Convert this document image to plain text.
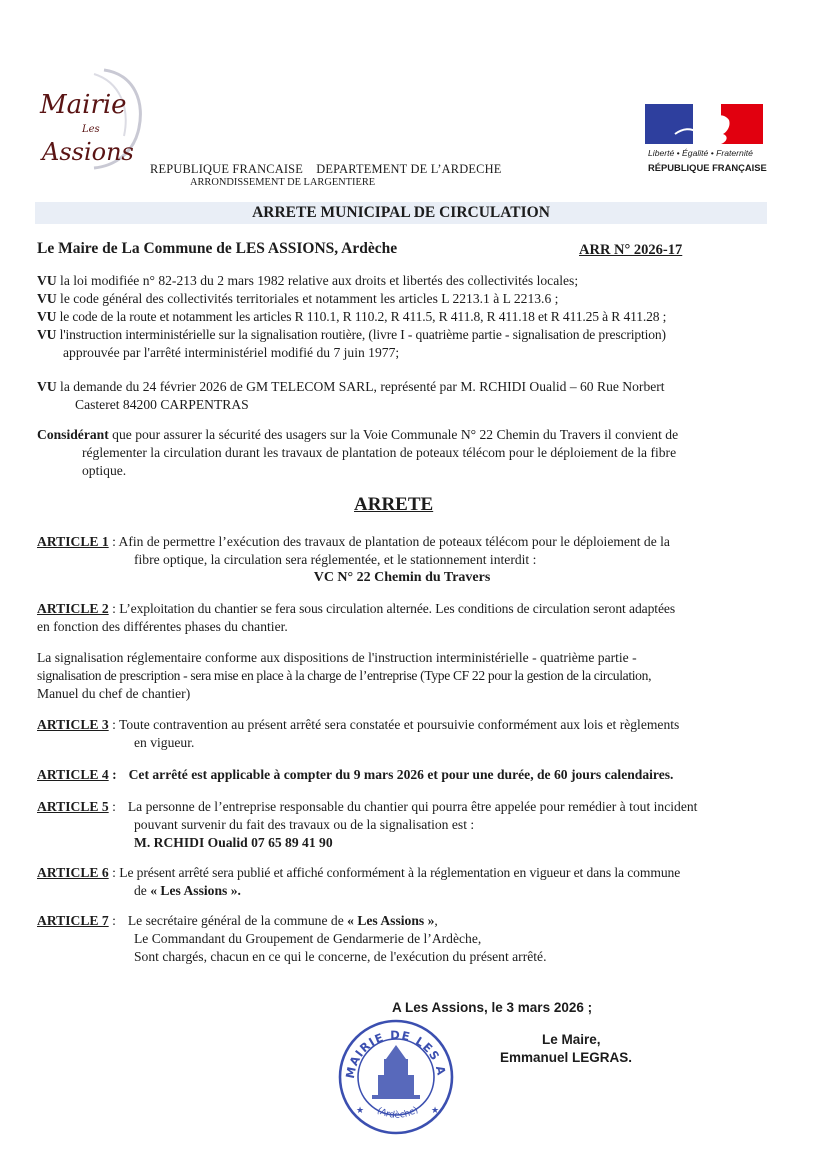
Mairie
Les
Assions
REPUBLIQUE FRANCAISE    DEPARTEMENT DE L’ARDECHE
ARRONDISSEMENT DE LARGENTIERE
Liberté • Égalité • Fraternité
RÉPUBLIQUE FRANÇAISE
ARRETE MUNICIPAL DE CIRCULATION
Le Maire de La Commune de LES ASSIONS, Ardèche	ARR N° 2026-17
VU la loi modifiée n° 82-213 du 2 mars 1982 relative aux droits et libertés des collectivités locales;
VU le code général des collectivités territoriales et notamment les articles L 2213.1 à L 2213.6 ;
VU le code de la route et notamment les articles R 110.1, R 110.2, R 411.5, R 411.8, R 411.18 et R 411.25 à R 411.28 ;
VU l'instruction interministérielle sur la signalisation routière, (livre I - quatrième partie - signalisation de prescription)
approuvée par l'arrêté interministériel modifié du 7 juin 1977;
VU la demande du 24 février 2026 de GM TELECOM SARL, représenté par M. RCHIDI Oualid – 60 Rue Norbert
Casteret 84200 CARPENTRAS
Considérant que pour assurer la sécurité des usagers sur la Voie Communale N° 22 Chemin du Travers il convient de
réglementer la circulation durant les travaux de plantation de poteaux télécom pour le déploiement de la fibre
optique.
ARRETE
ARTICLE 1 : Afin de permettre l’exécution des travaux de plantation de poteaux télécom pour le déploiement de la
fibre optique, la circulation sera réglementée, et le stationnement interdit :
VC N° 22 Chemin du Travers
ARTICLE 2 : L’exploitation du chantier se fera sous circulation alternée. Les conditions de circulation seront adaptées
en fonction des différentes phases du chantier.
La signalisation réglementaire conforme aux dispositions de l'instruction interministérielle - quatrième partie -
signalisation de prescription - sera mise en place à la charge de l’entreprise (Type CF 22 pour la gestion de la circulation,
Manuel du chef de chantier)
ARTICLE 3 : Toute contravention au présent arrêté sera constatée et poursuivie conformément aux lois et règlements
en vigueur.
ARTICLE 4 : Cet arrêté est applicable à compter du 9 mars 2026 et pour une durée, de 60 jours calendaires.
ARTICLE 5 : La personne de l’entreprise responsable du chantier qui pourra être appelée pour remédier à tout incident
pouvant survenir du fait des travaux ou de la signalisation est :
M. RCHIDI Oualid 07 65 89 41 90
ARTICLE 6 : Le présent arrêté sera publié et affiché conformément à la réglementation en vigueur et dans la commune
de « Les Assions ».
ARTICLE 7 : Le secrétaire général de la commune de « Les Assions »,
Le Commandant du Groupement de Gendarmerie de l’Ardèche,
Sont chargés, chacun en ce qui le concerne, de l'exécution du présent arrêté.
A Les Assions, le 3 mars 2026 ;
Le Maire,
Emmanuel LEGRAS.
MAIRIE DE LES A
(Ardèche)
★	★
